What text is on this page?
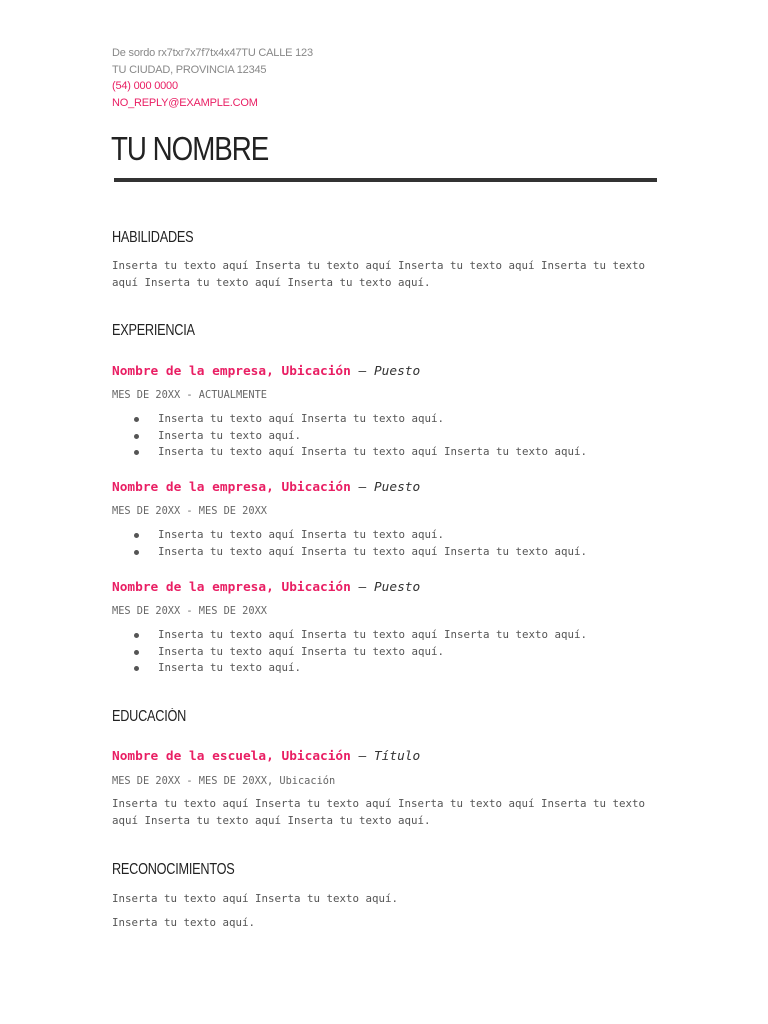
De sordo rx7txr7x7f7tx4x47TU CALLE 123
TU CIUDAD, PROVINCIA 12345
(54) 000 0000
NO_REPLY@EXAMPLE.COM
TU NOMBRE
HABILIDADES

Inserta tu texto aquí Inserta tu texto aquí Inserta tu texto aquí Inserta tu texto aquí Inserta tu texto aquí Inserta tu texto aquí.

EXPERIENCIA

Nombre de la empresa, Ubicación — Puesto

MES DE 20XX - ACTUALMENTE

Inserta tu texto aquí Inserta tu texto aquí.
Inserta tu texto aquí.
Inserta tu texto aquí Inserta tu texto aquí Inserta tu texto aquí.

Nombre de la empresa, Ubicación — Puesto

MES DE 20XX - MES DE 20XX

Inserta tu texto aquí Inserta tu texto aquí.
Inserta tu texto aquí Inserta tu texto aquí Inserta tu texto aquí.

Nombre de la empresa, Ubicación — Puesto

MES DE 20XX - MES DE 20XX

Inserta tu texto aquí Inserta tu texto aquí Inserta tu texto aquí.
Inserta tu texto aquí Inserta tu texto aquí.
Inserta tu texto aquí.
EDUCACIÓN

Nombre de la escuela, Ubicación — Título

MES DE 20XX - MES DE 20XX, Ubicación

Inserta tu texto aquí Inserta tu texto aquí Inserta tu texto aquí Inserta tu texto aquí Inserta tu texto aquí Inserta tu texto aquí.

RECONOCIMIENTOS

Inserta tu texto aquí Inserta tu texto aquí.

Inserta tu texto aquí.
